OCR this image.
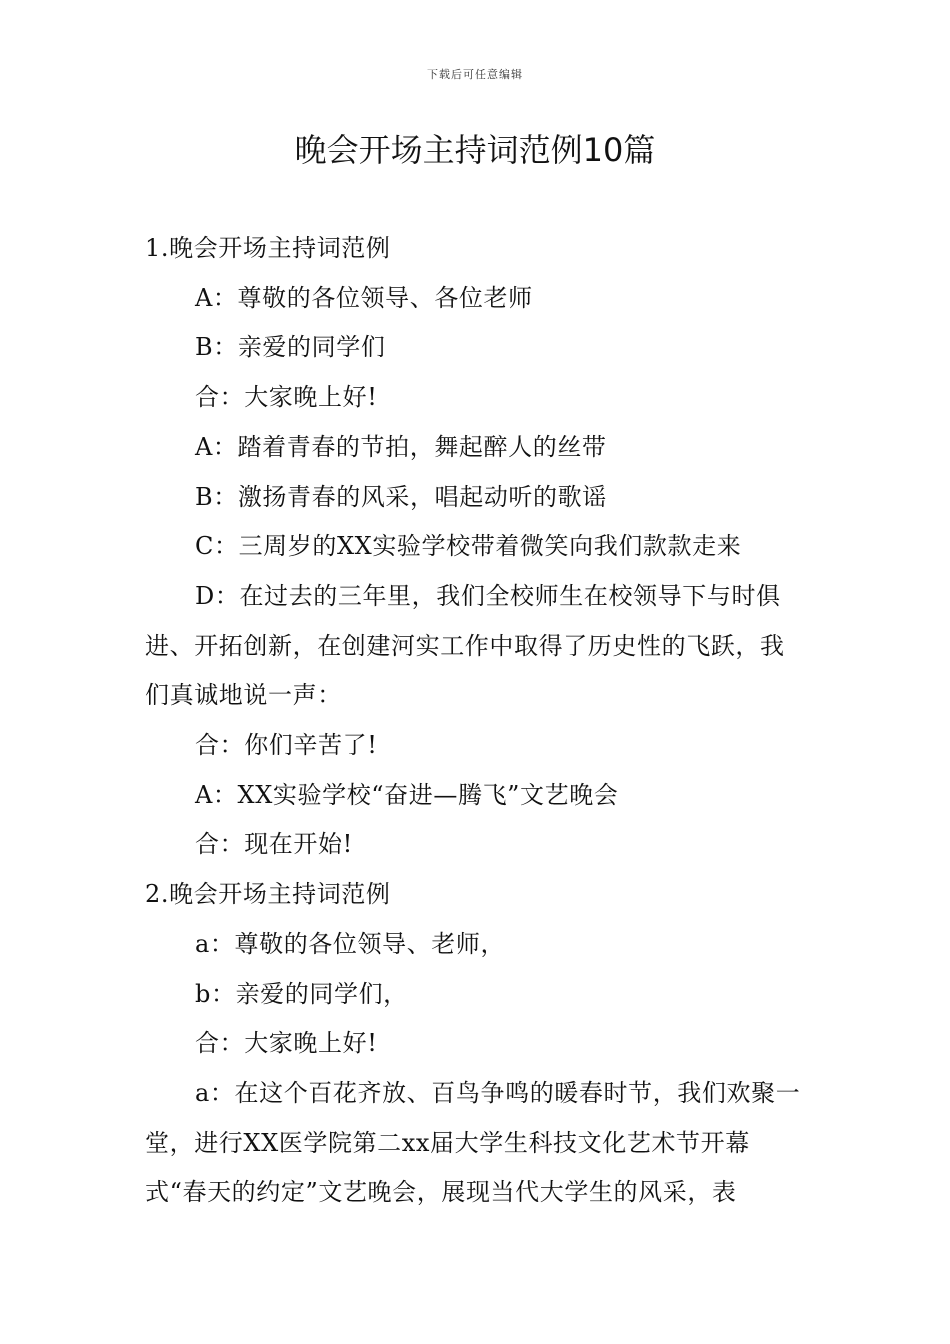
下载后可任意编辑
晚会开场主持词范例10篇

1.晚会开场主持词范例

A：尊敬的各位领导、各位老师

B：亲爱的同学们

合：大家晚上好!

A：踏着青春的节拍，舞起醉人的丝带

B：激扬青春的风采，唱起动听的歌谣

C：三周岁的XX实验学校带着微笑向我们款款走来

D：在过去的三年里，我们全校师生在校领导下与时俱进、开拓创新，在创建河实工作中取得了历史性的飞跃，我们真诚地说一声：

合：你们辛苦了!

A：XX实验学校“奋进—腾飞”文艺晚会

合：现在开始!

2.晚会开场主持词范例

a：尊敬的各位领导、老师，

b：亲爱的同学们，

合：大家晚上好!

a：在这个百花齐放、百鸟争鸣的暖春时节，我们欢聚一堂，进行XX医学院第二xx届大学生科技文化艺术节开幕式“春天的约定”文艺晚会，展现当代大学生的风采，表
